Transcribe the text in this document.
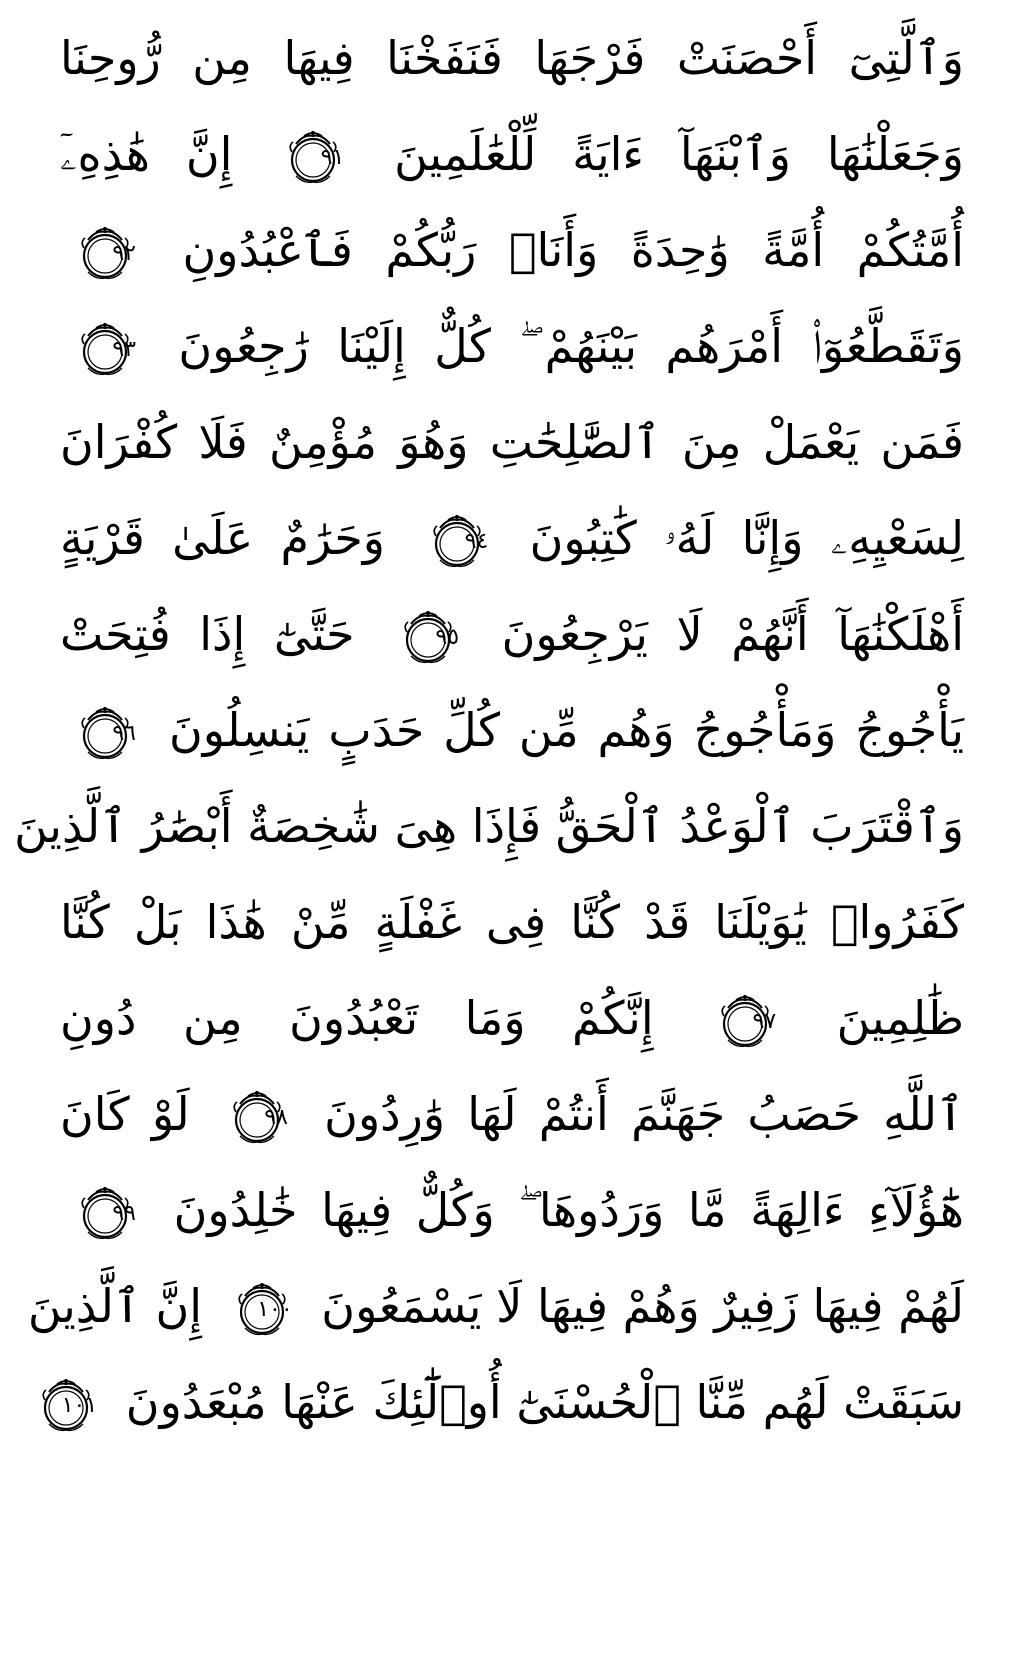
وَٱلَّتِىٓ أَحْصَنَتْ فَرْجَهَا فَنَفَخْنَا فِيهَا مِن رُّوحِنَا

وَجَعَلْنَٰهَا وَٱبْنَهَآ ءَايَةً لِّلْعَٰلَمِينَ
٩١
إِنَّ هَٰذِهِۦٓ

أُمَّتُكُمْ أُمَّةً وَٰحِدَةً وَأَنَا۠ رَبُّكُمْ فَٱعْبُدُونِ
٩٢

وَتَقَطَّعُوٓا۟ أَمْرَهُم بَيْنَهُمْ ۖ كُلٌّ إِلَيْنَا رَٰجِعُونَ
٩٣

فَمَن يَعْمَلْ مِنَ ٱلصَّٰلِحَٰتِ وَهُوَ مُؤْمِنٌ فَلَا كُفْرَانَ

لِسَعْيِهِۦ وَإِنَّا لَهُۥ كَٰتِبُونَ
٩٤
وَحَرَٰمٌ عَلَىٰ قَرْيَةٍ

أَهْلَكْنَٰهَآ أَنَّهُمْ لَا يَرْجِعُونَ
٩٥
حَتَّىٰٓ إِذَا فُتِحَتْ

يَأْجُوجُ وَمَأْجُوجُ وَهُم مِّن كُلِّ حَدَبٍ يَنسِلُونَ
٩٦

وَٱقْتَرَبَ ٱلْوَعْدُ ٱلْحَقُّ فَإِذَا هِىَ شَٰخِصَةٌ أَبْصَٰرُ ٱلَّذِينَ

كَفَرُوا۟ يَٰوَيْلَنَا قَدْ كُنَّا فِى غَفْلَةٍ مِّنْ هَٰذَا بَلْ كُنَّا

ظَٰلِمِينَ
٩٧
إِنَّكُمْ وَمَا تَعْبُدُونَ مِن دُونِ

ٱللَّهِ حَصَبُ جَهَنَّمَ أَنتُمْ لَهَا وَٰرِدُونَ
٩٨
لَوْ كَانَ

هَٰٓؤُلَآءِ ءَالِهَةً مَّا وَرَدُوهَا ۖ وَكُلٌّ فِيهَا خَٰلِدُونَ
٩٩

لَهُمْ فِيهَا زَفِيرٌ وَهُمْ فِيهَا لَا يَسْمَعُونَ
١٠٠
إِنَّ ٱلَّذِينَ

سَبَقَتْ لَهُم مِّنَّا ٱلْحُسْنَىٰٓ أُو۟لَٰٓئِكَ عَنْهَا مُبْعَدُونَ
١٠١
